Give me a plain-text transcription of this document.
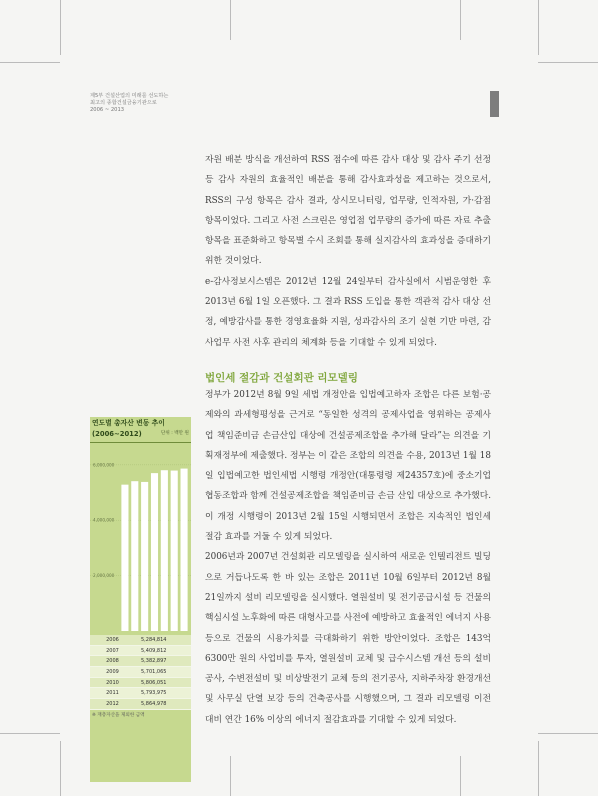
제5부 건설산업의 미래를 선도하는
최고의 종합건설금융기관으로
2006 ~ 2013

자원 배분 방식을 개선하여 RSS 점수에 따른 감사 대상 및 감사 주기 선정 등 감사 자원의 효율적인 배분을 통해 감사효과성을 제고하는 것으로서, RSS의 구성 항목은 감사 결과, 상시모니터링, 업무량, 인적자원, 가·감점 항목이었다. 그리고 사전 스크린은 영업점 업무량의 증가에 따른 자료 추출 항목을 표준화하고 항목별 수시 조회를 통해 실지감사의 효과성을 증대하기 위한 것이었다.

e-감사정보시스템은 2012년 12월 24일부터 감사실에서 시범운영한 후 2013년 6월 1일 오픈했다. 그 결과 RSS 도입을 통한 객관적 감사 대상 선정, 예방감사를 통한 경영효율화 지원, 성과감사의 조기 실현 기반 마련, 감사업무 사전 사후 관리의 체계화 등을 기대할 수 있게 되었다.

법인세 절감과 건설회관 리모델링

정부가 2012년 8월 9일 세법 개정안을 입법예고하자 조합은 다른 보험·공제와의 과세형평성을 근거로 “동일한 성격의 공제사업을 영위하는 공제사업 책임준비금 손금산입 대상에 건설공제조합을 추가해 달라”는 의견을 기획재정부에 제출했다. 정부는 이 같은 조합의 의견을 수용, 2013년 1월 18일 입법예고한 법인세법 시행령 개정안(대통령령 제24357호)에 중소기업협동조합과 함께 건설공제조합을 책임준비금 손금 산입 대상으로 추가했다. 이 개정 시행령이 2013년 2월 15일 시행되면서 조합은 지속적인 법인세 절감 효과를 거둘 수 있게 되었다.

2006년과 2007년 건설회관 리모델링을 실시하여 새로운 인텔리전트 빌딩으로 거듭나도록 한 바 있는 조합은 2011년 10월 6일부터 2012년 8월 21일까지 설비 리모델링을 실시했다. 열원설비 및 전기공급시설 등 건물의 핵심시설 노후화에 따른 대형사고를 사전에 예방하고 효율적인 에너지 사용 등으로 건물의 시용가치를 극대화하기 위한 방안이었다. 조합은 143억 6300만 원의 사업비를 투자, 열원설비 교체 및 급수시스템 개선 등의 설비공사, 수변전설비 및 비상발전기 교체 등의 전기공사, 지하주차장 환경개선 및 사무실 단열 보강 등의 건축공사를 시행했으며, 그 결과 리모델링 이전 대비 연간 16% 이상의 에너지 절감효과를 기대할 수 있게 되었다.

연도별 총자산 변동 추이
(2006~2012)	단위 : 백만 원
2,000,000
4,000,000
6,000,000
2006	5,284,814
2007	5,409,812
2008	5,382,897
2009	5,701,065
2010	5,806,051
2011	5,793,975
2012	5,864,978
※ 재총자산을 제외한 금액
